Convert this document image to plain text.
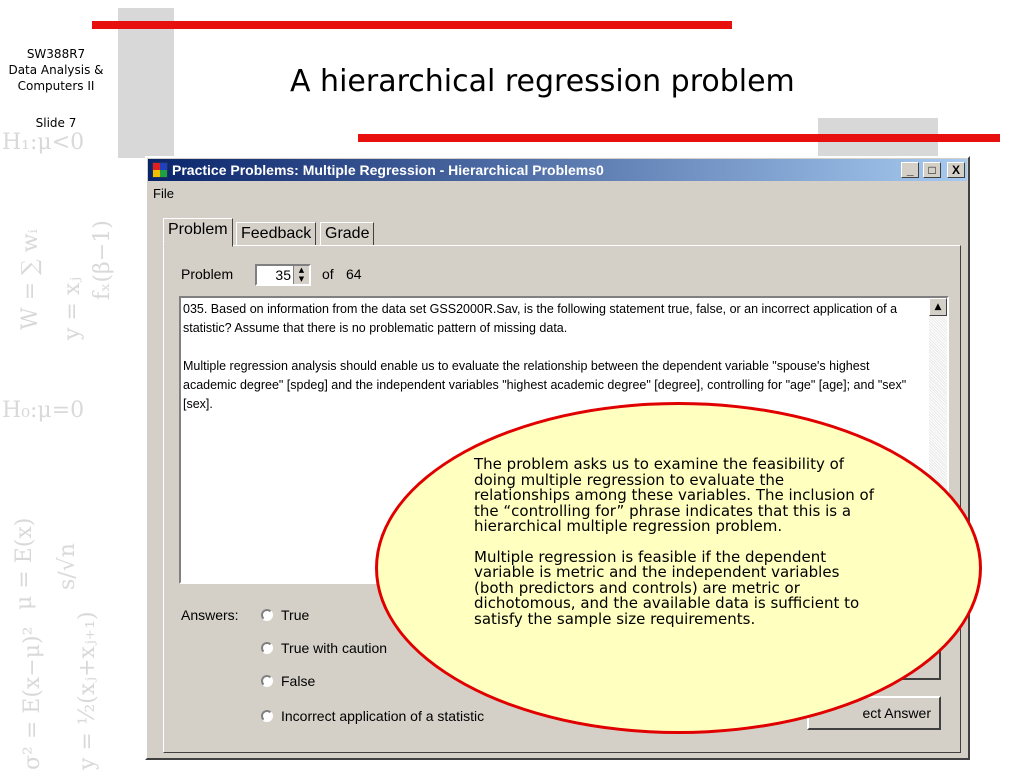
H₁:μ<0
W = ∑ wᵢ y = xⱼ
fₓ(β−1)
H₀:μ=0
μ = E(x) s/√n
σ² = E(x−μ)² y = ½(xⱼ+xⱼ₊₁)
SW388R7
Data Analysis &
Computers II
Slide 7
A hierarchical regression problem
Practice Problems: Multiple Regression - Hierarchical Problems0	_ □ X
File
Problem Feedback Grade
Problem	35	▲
▼	of 64
035. Based on information from the data set GSS2000R.Sav, is the following statement true, false, or an incorrect application of a statistic? Assume that there is no problematic pattern of missing data.

Multiple regression analysis should enable us to evaluate the relationship between the dependent variable "spouse's highest academic degree" [spdeg] and the independent variables "highest academic degree" [degree], controlling for "age" [age]; and "sex" [sex].
▲
Answers:	True
True with caution
False
Incorrect application of a statistic	ect Answer

The problem asks us to examine the feasibility of doing multiple regression to evaluate the relationships among these variables. The inclusion of the “controlling for” phrase indicates that this is a hierarchical multiple regression problem.

Multiple regression is feasible if the dependent variable is metric and the independent variables (both predictors and controls) are metric or dichotomous, and the available data is sufficient to satisfy the sample size requirements.
